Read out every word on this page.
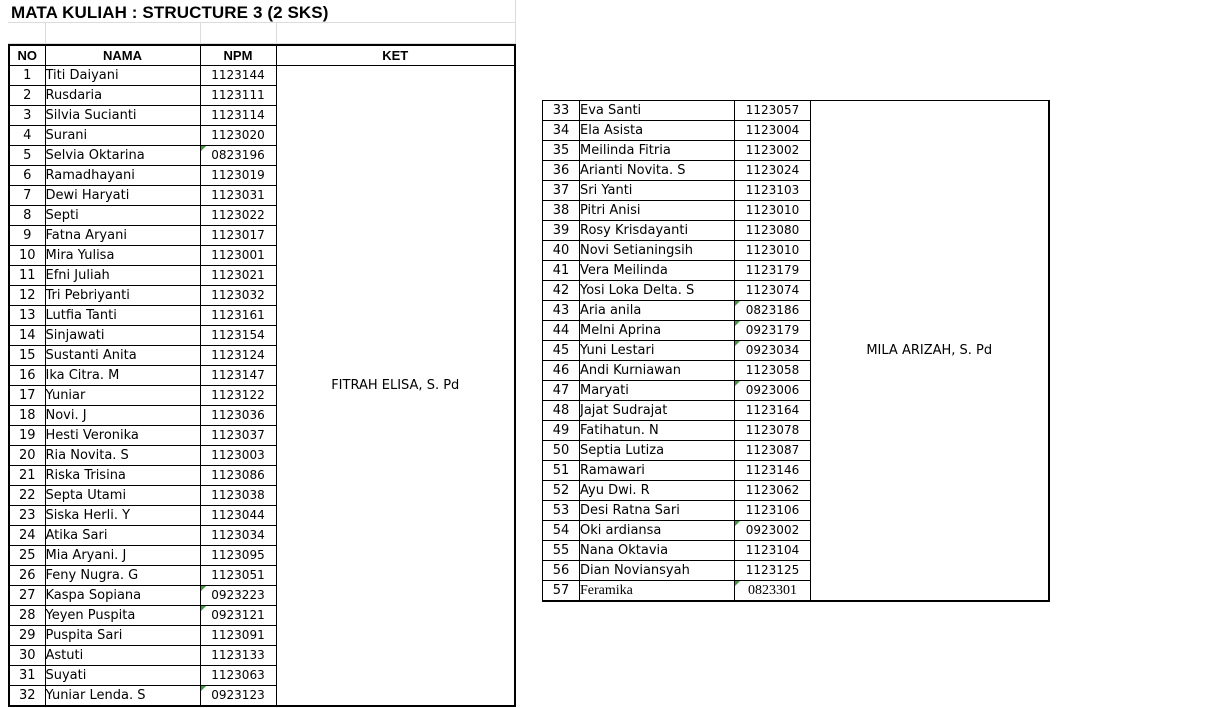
MATA KULIAH : STRUCTURE 3 (2 SKS)
NO	NAMA	NPM	KET
1	Titi Daiyani	1123144	FITRAH ELISA, S. Pd
2	Rusdaria	1123111	
3	Silvia Sucianti	1123114	
4	Surani	1123020	
5	Selvia Oktarina	0823196	
6	Ramadhayani	1123019	
7	Dewi Haryati	1123031	
8	Septi	1123022	
9	Fatna Aryani	1123017	
10	Mira Yulisa	1123001	
11	Efni Juliah	1123021	
12	Tri Pebriyanti	1123032	
13	Lutfia Tanti	1123161	
14	Sinjawati	1123154	
15	Sustanti Anita	1123124	
16	Ika Citra. M	1123147	
17	Yuniar	1123122	
18	Novi. J	1123036	
19	Hesti Veronika	1123037	
20	Ria Novita. S	1123003	
21	Riska Trisina	1123086	
22	Septa Utami	1123038	
23	Siska Herli. Y	1123044	
24	Atika Sari	1123034	
25	Mia Aryani. J	1123095	
26	Feny Nugra. G	1123051	
27	Kaspa Sopiana	0923223	
28	Yeyen Puspita	0923121	
29	Puspita Sari	1123091	
30	Astuti	1123133	
31	Suyati	1123063	
32	Yuniar Lenda. S	0923123	
33	Eva Santi	1123057	MILA ARIZAH, S. Pd
34	Ela Asista	1123004	
35	Meilinda Fitria	1123002	
36	Arianti Novita. S	1123024	
37	Sri Yanti	1123103	
38	Pitri Anisi	1123010	
39	Rosy Krisdayanti	1123080	
40	Novi Setianingsih	1123010	
41	Vera Meilinda	1123179	
42	Yosi Loka Delta. S	1123074	
43	Aria anila	0823186	
44	Melni Aprina	0923179	
45	Yuni Lestari	0923034	
46	Andi Kurniawan	1123058	
47	Maryati	0923006	
48	Jajat Sudrajat	1123164	
49	Fatihatun. N	1123078	
50	Septia Lutiza	1123087	
51	Ramawari	1123146	
52	Ayu Dwi. R	1123062	
53	Desi Ratna Sari	1123106	
54	Oki ardiansa	0923002	
55	Nana Oktavia	1123104	
56	Dian Noviansyah	1123125	
57	Feramika	0823301	
